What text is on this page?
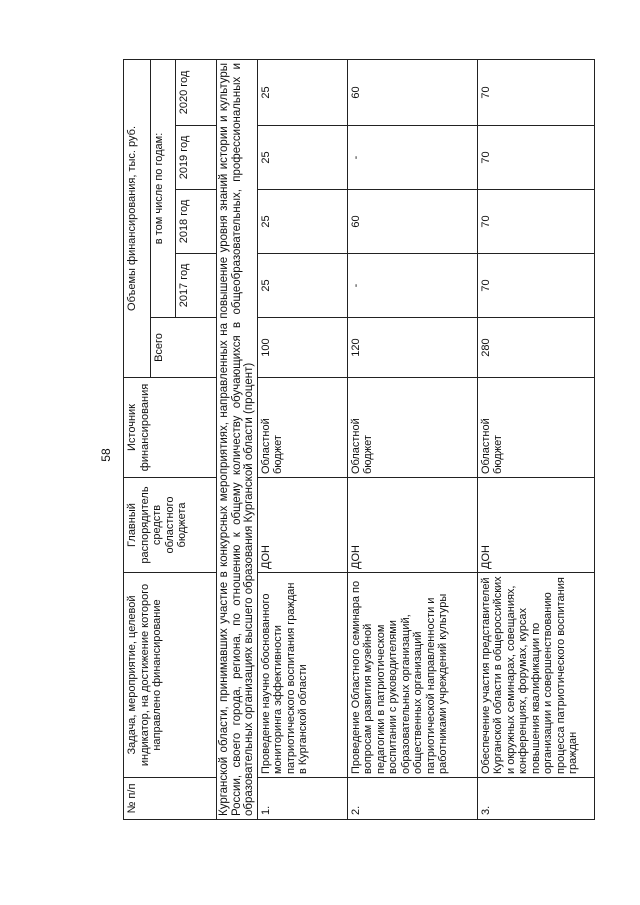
58
№ п/п	Задача, мероприятие, целевой индикатор, на достижение которого направлено финансирование	Главный распорядитель средств областного бюджета	Источник финансирования	Объемы финансирования, тыс. руб.				
				Всего	в том числе по годам:			
					2017 год	2018 год	2019 год	2020 год
Курганской области, принимавших участие в конкурсных мероприятиях, направленных на повышение уровня знаний истории и культуры России, своего города, региона, по отношению к общему количеству обучающихся в общеобразовательных, профессиональных и образовательных организациях высшего образования Курганской области (процент)								
1.	Проведение научно обоснованного мониторинга эффективности патриотического воспитания граждан в Курганской области	ДОН	Областной бюджет	100	25	25	25	25
2.	Проведение Областного семинара по вопросам развития музейной педагогики в патриотическом воспитании с руководителями образовательных организаций, общественных организаций патриотической направленности и работниками учреждений культуры	ДОН	Областной бюджет	120	-	60	-	60
3.	Обеспечение участия представителей Курганской области в общероссийских и окружных семинарах, совещаниях, конференциях, форумах, курсах повышения квалификации по организации и совершенствованию процесса патриотического воспитания граждан	ДОН	Областной бюджет	280	70	70	70	70
